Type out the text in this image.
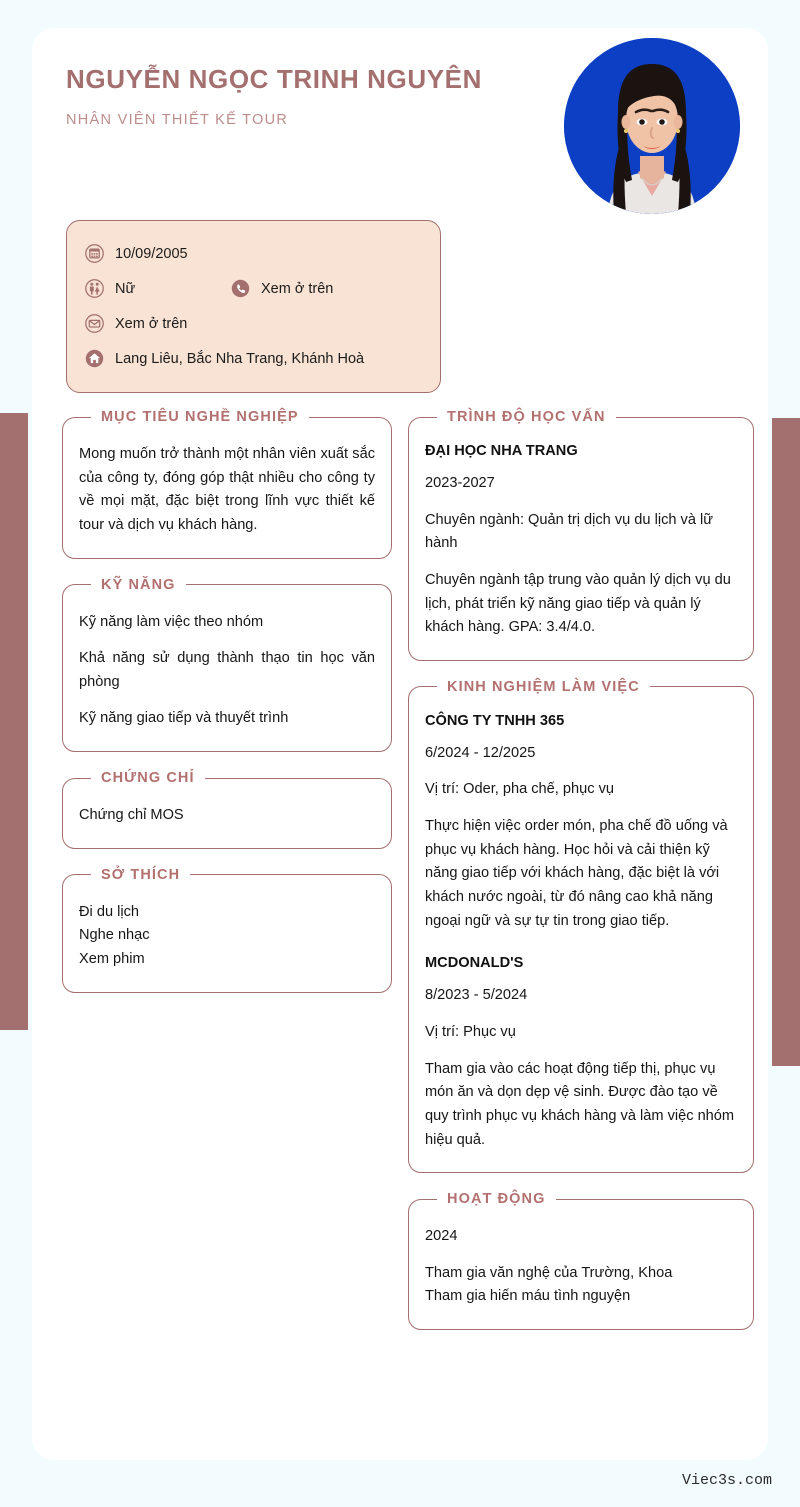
NGUYỄN NGỌC TRINH NGUYÊN
NHÂN VIÊN THIẾT KẾ TOUR
10/09/2005
Nữ	Xem ở trên
Xem ở trên
Lang Liêu, Bắc Nha Trang, Khánh Hoà
MỤC TIÊU NGHỀ NGHIỆP
Mong muốn trở thành một nhân viên xuất sắc của công ty, đóng góp thật nhiều cho công ty về mọi mặt, đặc biệt trong lĩnh vực thiết kế tour và dịch vụ khách hàng.
KỸ NĂNG
Kỹ năng làm việc theo nhóm
Khả năng sử dụng thành thạo tin học văn phòng
Kỹ năng giao tiếp và thuyết trình
CHỨNG CHỈ
Chứng chỉ MOS
SỞ THÍCH
Đi du lịch
Nghe nhạc
Xem phim
TRÌNH ĐỘ HỌC VẤN
ĐẠI HỌC NHA TRANG
2023-2027
Chuyên ngành: Quản trị dịch vụ du lịch và lữ hành
Chuyên ngành tập trung vào quản lý dịch vụ du lịch, phát triển kỹ năng giao tiếp và quản lý khách hàng. GPA: 3.4/4.0.
KINH NGHIỆM LÀM VIỆC
CÔNG TY TNHH 365
6/2024 - 12/2025
Vị trí: Oder, pha chế, phục vụ
Thực hiện việc order món, pha chế đồ uống và phục vụ khách hàng. Học hỏi và cải thiện kỹ năng giao tiếp với khách hàng, đặc biệt là với khách nước ngoài, từ đó nâng cao khả năng ngoại ngữ và sự tự tin trong giao tiếp.
MCDONALD'S
8/2023 - 5/2024
Vị trí: Phục vụ
Tham gia vào các hoạt động tiếp thị, phục vụ món ăn và dọn dẹp vệ sinh. Được đào tạo về quy trình phục vụ khách hàng và làm việc nhóm hiệu quả.
HOẠT ĐỘNG
2024
Tham gia văn nghệ của Trường, Khoa
Tham gia hiến máu tình nguyện
Viec3s.com
